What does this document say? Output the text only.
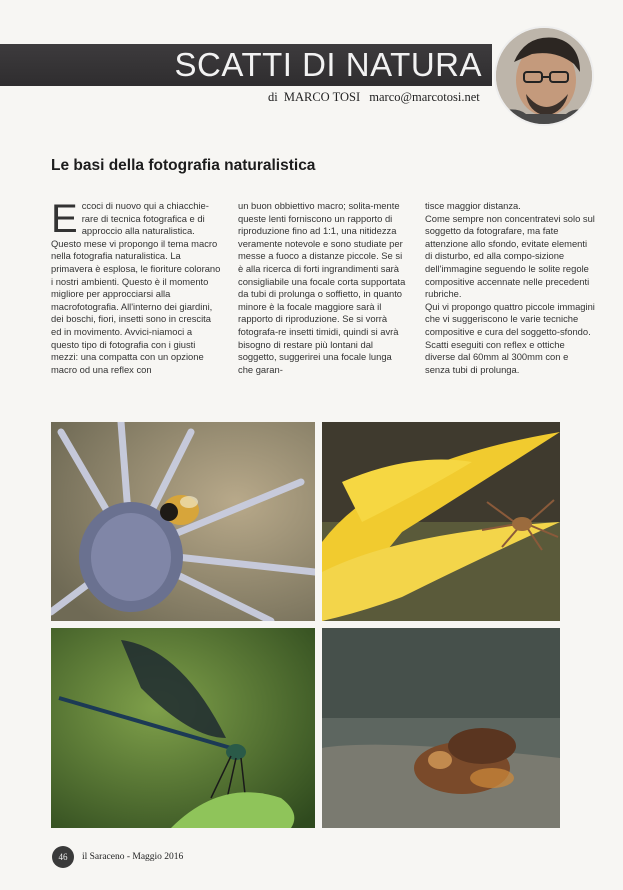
SCATTI DI NATURA
di MARCO TOSI marco@marcotosi.net
Le basi della fotografia naturalistica
E ccoci di nuovo qui a chiacchie-rare di tecnica fotografica e di approccio alla naturalistica. Questo mese vi propongo il tema macro nella fotografia naturalistica. La primavera è esplosa, le fioriture colorano i nostri ambienti. Questo è il momento migliore per approcciarsi alla macrofotografia. All'interno dei giardini, dei boschi, fiori, insetti sono in crescita ed in movimento. Avvici-niamoci a questo tipo di fotografia con i giusti mezzi: una compatta con un opzione macro od una reflex con

un buon obbiettivo macro; solita-mente queste lenti forniscono un rapporto di riproduzione fino ad 1:1, una nitidezza veramente notevole e sono studiate per messe a fuoco a distanze piccole. Se si è alla ricerca di forti ingrandimenti sarà consigliabile una focale corta supportata da tubi di prolunga o soffietto, in quanto minore è la focale maggiore sarà il rapporto di riproduzione. Se si vorrà fotografa-re insetti timidi, quindi si avrà bisogno di restare più lontani dal soggetto, suggerirei una focale lunga che garan-

tisce maggior distanza.

Come sempre non concentratevi solo sul soggetto da fotografare, ma fate attenzione allo sfondo, evitate elementi di disturbo, ed alla compo-sizione dell'immagine seguendo le solite regole compositive accennate nelle precedenti rubriche.

Qui vi propongo quattro piccole immagini che vi suggeriscono le varie tecniche compositive e cura del soggetto-sfondo. Scatti eseguiti con reflex e ottiche diverse dal 60mm al 300mm con e senza tubi di prolunga.

46	il Saraceno - Maggio 2016
